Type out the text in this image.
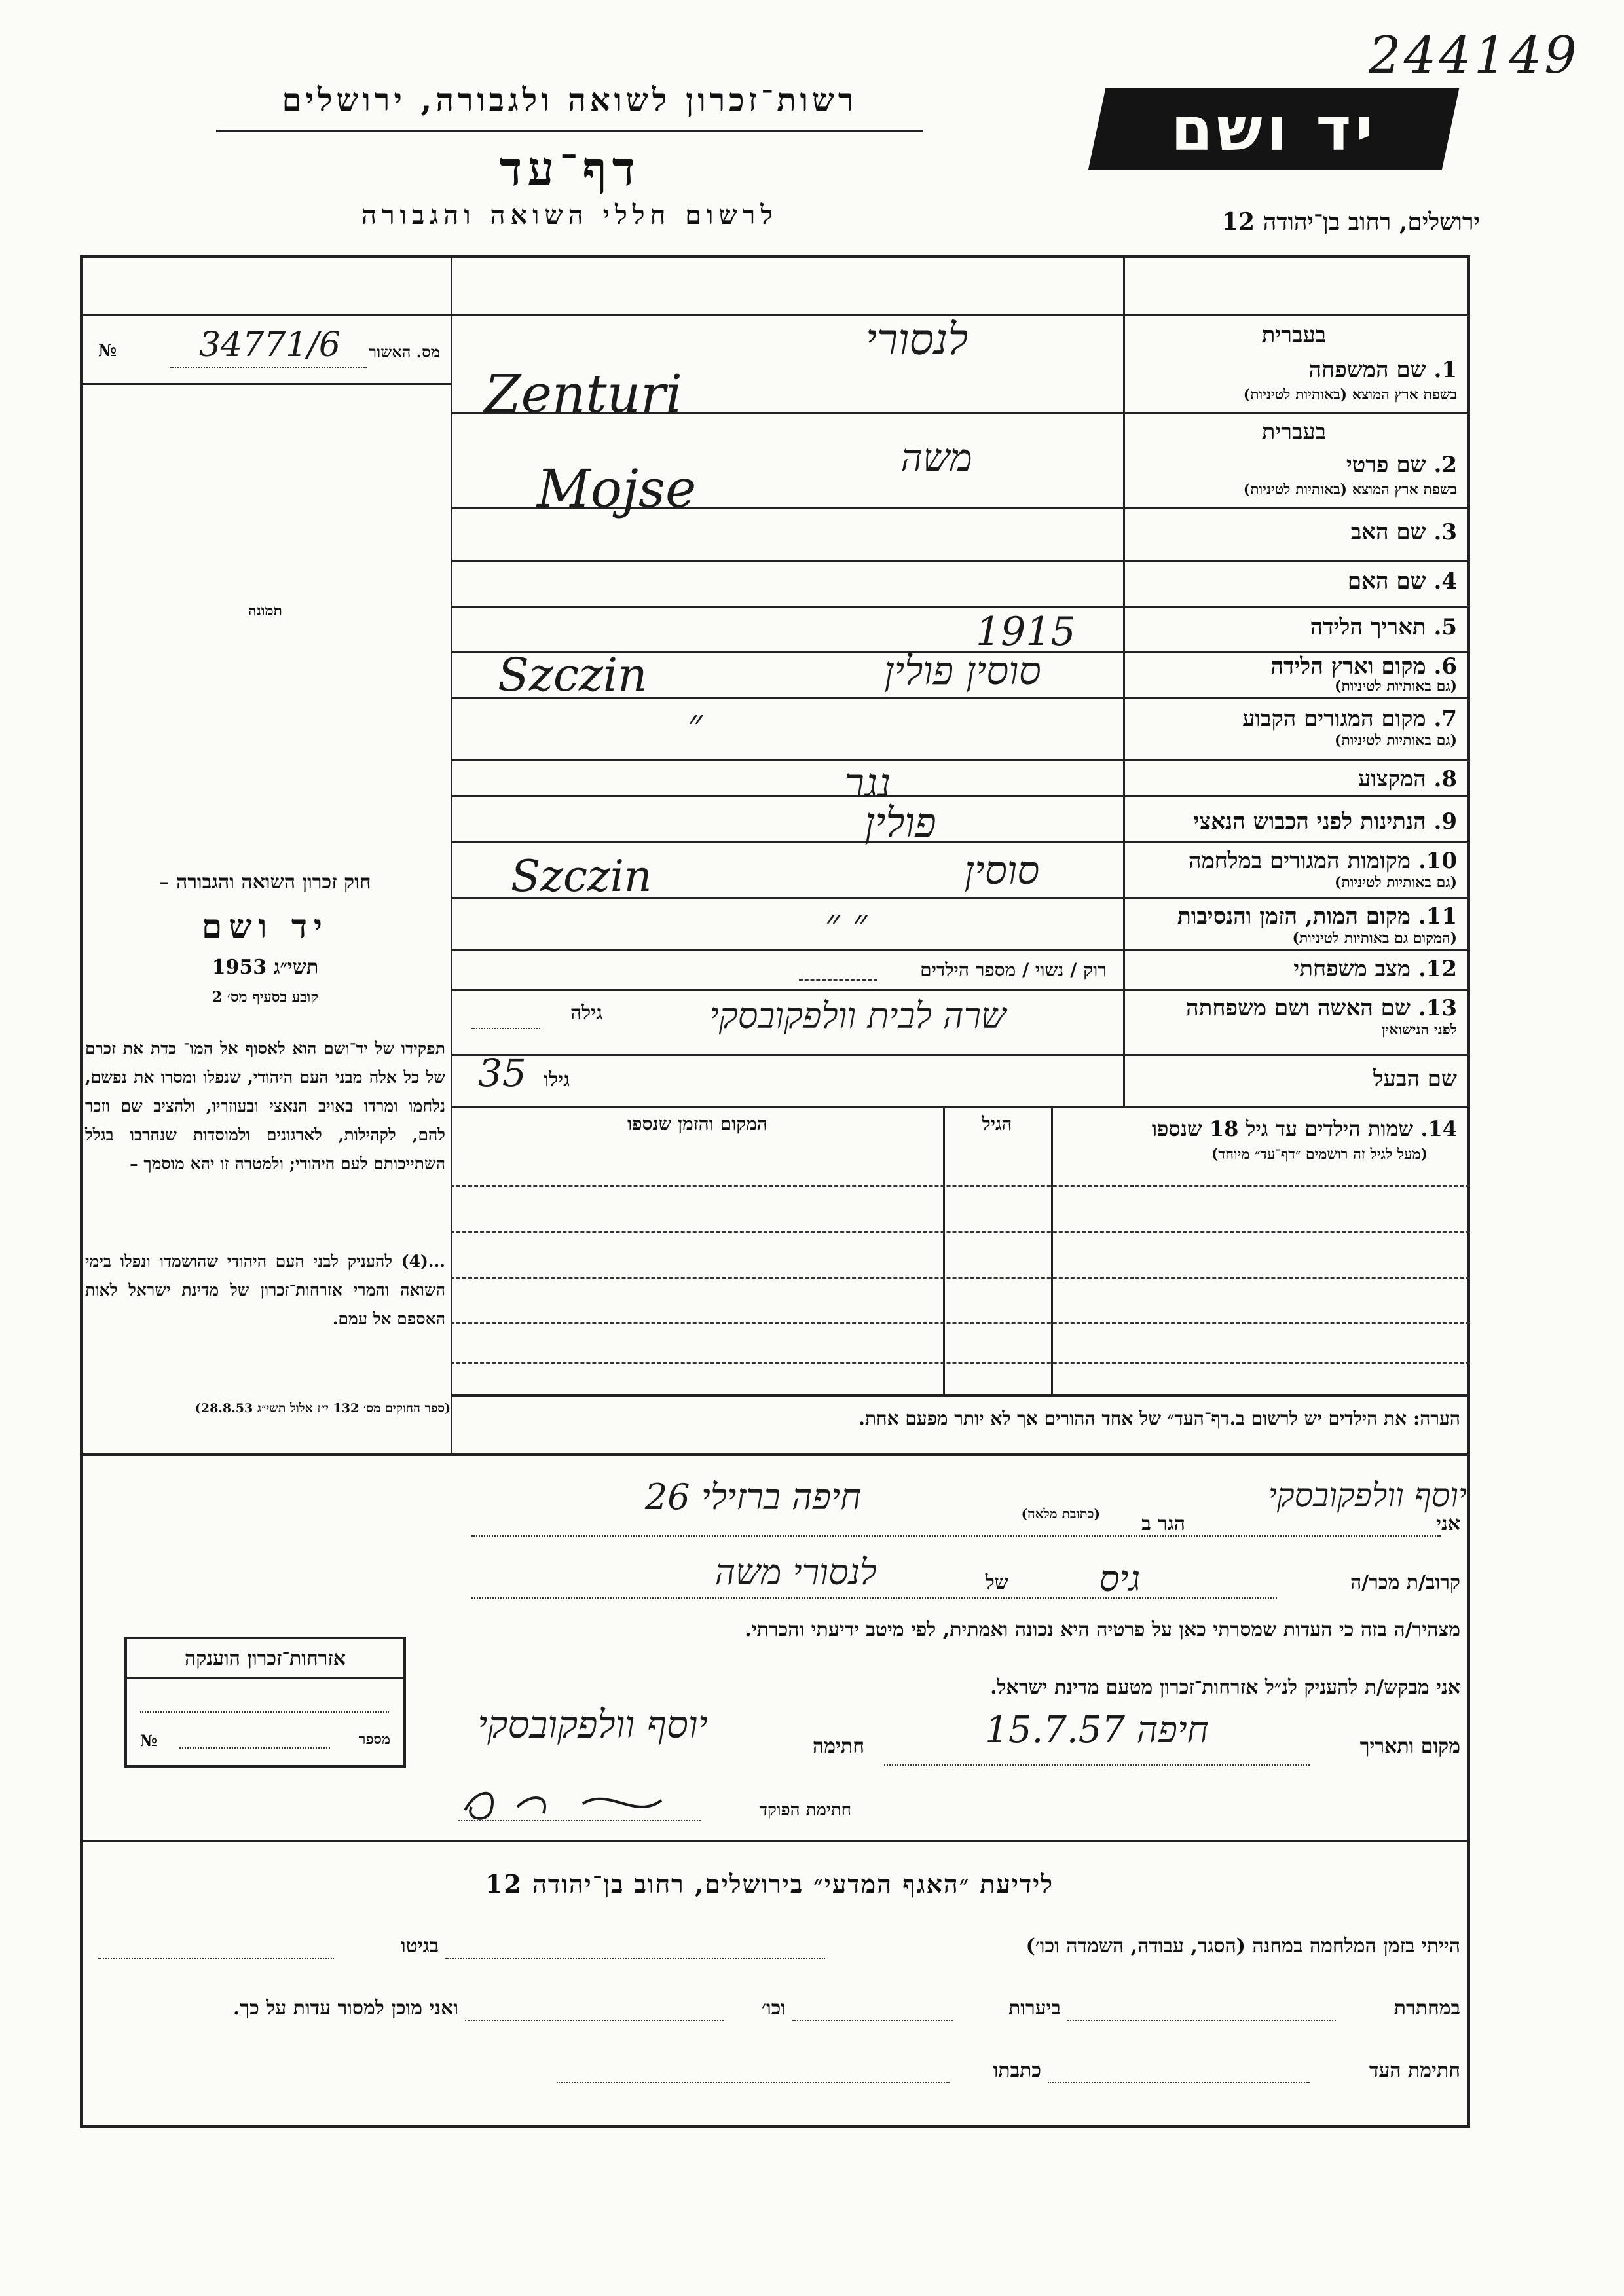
244149
רשות־זכרון לשואה ולגבורה, ירושלים
דף־עד
לרשום חללי השואה והגבורה
יד ושם
ירושלים, רחוב בן־יהודה 12
מס. האשור
34771/6
№
תמונה
חוק זכרון השואה והגבורה –
יד ושם
תשי״ג 1953
קובע בסעיף מס׳ 2
תפקידו של יד־ושם הוא לאסוף אל המו־ כדת את זכרם של כל אלה מבני העם היהודי, שנפלו ומסרו את נפשם, נלחמו ומרדו באויב הנאצי ובעוזריו, ולהציב שם וזכר להם, לקהילות, לארגונים ולמוסדות שנחרבו בגלל השתייכותם לעם היהודי; ולמטרה זו יהא מוסמך –
...(4) להעניק לבני העם היהודי שהושמדו ונפלו בימי השואה והמרי אזרחות־זכרון של מדינת ישראל לאות האספם אל עמם.
(ספר החוקים מס׳ 132 י״ז אלול תשי״ג 28.8.53)
בעברית
1. שם המשפחה
בשפת ארץ המוצא (באותיות לטיניות)
לנסורי
Zenturi
בעברית
2. שם פרטי
בשפת ארץ המוצא (באותיות לטיניות)
משה
Mojse
3. שם האב
4. שם האם
5. תאריך הלידה
1915
6. מקום וארץ הלידה
(גם באותיות לטיניות)
סוסין פולין
Szczin
7. מקום המגורים הקבוע
(גם באותיות לטיניות)
״
8. המקצוע
נגר
9. הנתינות לפני הכבוש הנאצי
פולין
10. מקומות המגורים במלחמה
(גם באותיות לטיניות)
סוסין
Szczin
11. מקום המות, הזמן והנסיבות
(המקום גם באותיות לטיניות)
״ ״
12. מצב משפחתי
רוק / נשוי / מספר הילדים
13. שם האשה ושם משפחתה
לפני הנישואין
שרה לבית וולפקובסקי
גילה
שם הבעל
גילו
35
14. שמות הילדים עד גיל 18 שנספו
(מעל לגיל זה רושמים ״דף־עד״ מיוחד)
הגיל
המקום והזמן שנספו
הערה: את הילדים יש לרשום ב.דף־העד״ של אחד ההורים אך לא יותר מפעם אחת.
אני
יוסף וולפקובסקי
הגר ב
(כתובת מלאה)
חיפה ברזילי 26
קרוב/ת מכר/ה
גיס
של
לנסורי משה
מצהיר/ה בזה כי העדות שמסרתי כאן על פרטיה היא נכונה ואמתית, לפי מיטב ידיעתי והכרתי.
אני מבקש/ת להעניק לנ״ל אזרחות־זכרון מטעם מדינת ישראל.
מקום ותאריך
חיפה 15.7.57
חתימה
יוסף וולפקובסקי
חתימת הפוקד
אזרחות־זכרון הוענקה
מספר
№
לידיעת ״האגף המדעי״ בירושלים, רחוב בן־יהודה 12
הייתי בזמן המלחמה במחנה (הסגר, עבודה, השמדה וכו׳)
בגיטו
במחתרת
ביערות
וכו׳
ואני מוכן למסור עדות על כך.
חתימת העד
כתבתו
